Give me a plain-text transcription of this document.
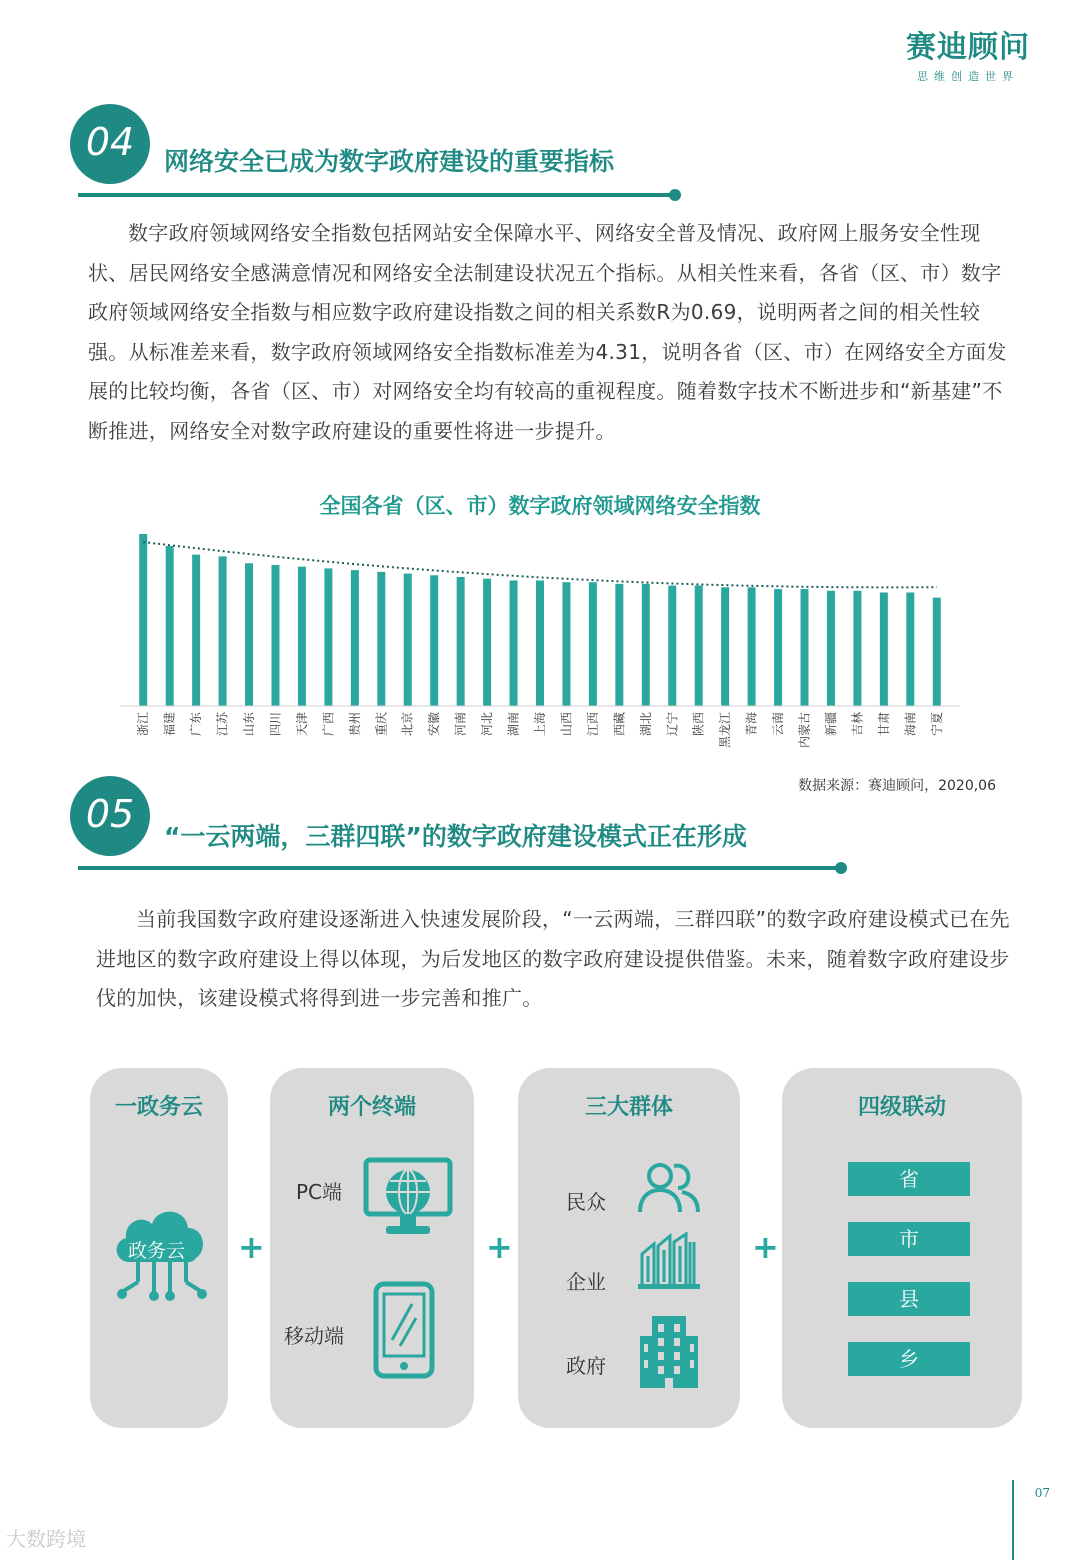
赛迪顾问
思维创造世界
04	网络安全已成为数字政府建设的重要指标

数字政府领域网络安全指数包括网站安全保障水平、网络安全普及情况、政府网上服务安全性现状、居民网络安全感满意情况和网络安全法制建设状况五个指标。从相关性来看，各省（区、市）数字政府领域网络安全指数与相应数字政府建设指数之间的相关系数R为0.69，说明两者之间的相关性较强。从标准差来看，数字政府领域网络安全指数标准差为4.31，说明各省（区、市）在网络安全方面发展的比较均衡，各省（区、市）对网络安全均有较高的重视程度。随着数字技术不断进步和“新基建”不断推进，网络安全对数字政府建设的重要性将进一步提升。

全国各省（区、市）数字政府领域网络安全指数
浙江 福建 广东 江苏 山东 四川 天津 广西 贵州 重庆 北京 安徽 河南 河北 湖南 上海 山西 江西 西藏 湖北 辽宁 陕西 黑龙江 青海 云南 内蒙古 新疆 吉林 甘肃 海南 宁夏
数据来源：赛迪顾问，2020,06
05
“一云两端，三群四联”的数字政府建设模式正在形成

当前我国数字政府建设逐渐进入快速发展阶段，“一云两端，三群四联”的数字政府建设模式已在先进地区的数字政府建设上得以体现，为后发地区的数字政府建设提供借鉴。未来，随着数字政府建设步伐的加快，该建设模式将得到进一步完善和推广。

一政务云
政务云 +
两个终端
PC端
移动端
+
三大群体
民众
企业
政府
+
四级联动
省
市
县
乡
07
大数跨境
